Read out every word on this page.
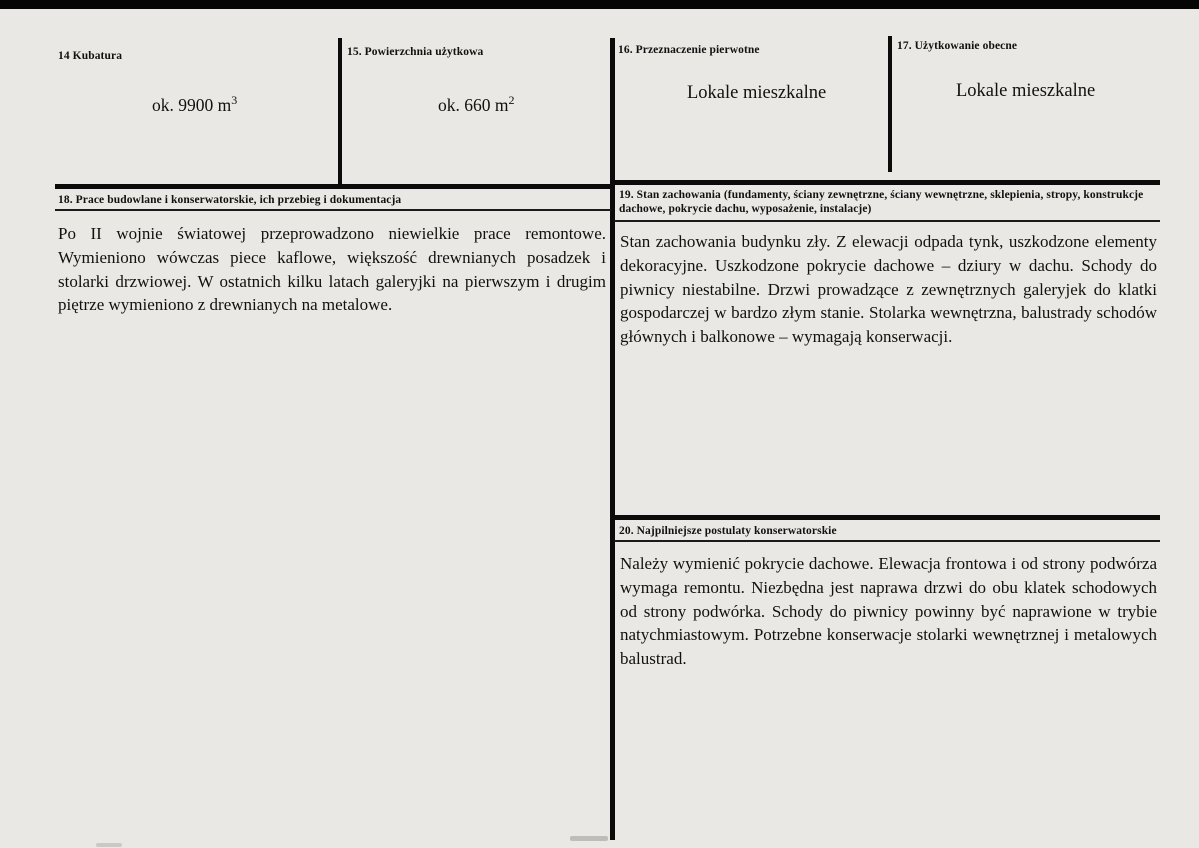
14 Kubatura
ok. 9900 $m^3$
15. Powierzchnia użytkowa
ok. 660 $m^2$
16. Przeznaczenie pierwotne
Lokale mieszkalne
17. Użytkowanie obecne
Lokale mieszkalne
18. Prace budowlane i konserwatorskie, ich przebieg i dokumentacja
Po II wojnie światowej przeprowadzono niewielkie prace remontowe. Wymieniono wówczas piece kaflowe, większość drewnianych posadzek i stolarki drzwiowej. W ostatnich kilku latach galeryjki na pierwszym i drugim piętrze wymieniono z drewnianych na metalowe.
19. Stan zachowania (fundamenty, ściany zewnętrzne, ściany wewnętrzne, sklepienia, stropy, konstrukcje dachowe, pokrycie dachu, wyposażenie, instalacje)
Stan zachowania budynku zły. Z elewacji odpada tynk, uszkodzone elementy dekoracyjne. Uszkodzone pokrycie dachowe – dziury w dachu. Schody do piwnicy niestabilne. Drzwi prowadzące z zewnętrznych galeryjek do klatki gospodarczej w bardzo złym stanie. Stolarka wewnętrzna, balustrady schodów głównych i balkonowe – wymagają konserwacji.
20. Najpilniejsze postulaty konserwatorskie
Należy wymienić pokrycie dachowe. Elewacja frontowa i od strony podwórza wymaga remontu. Niezbędna jest naprawa drzwi do obu klatek schodowych od strony podwórka. Schody do piwnicy powinny być naprawione w trybie natychmiastowym. Potrzebne konserwacje stolarki wewnętrznej i metalowych balustrad.
